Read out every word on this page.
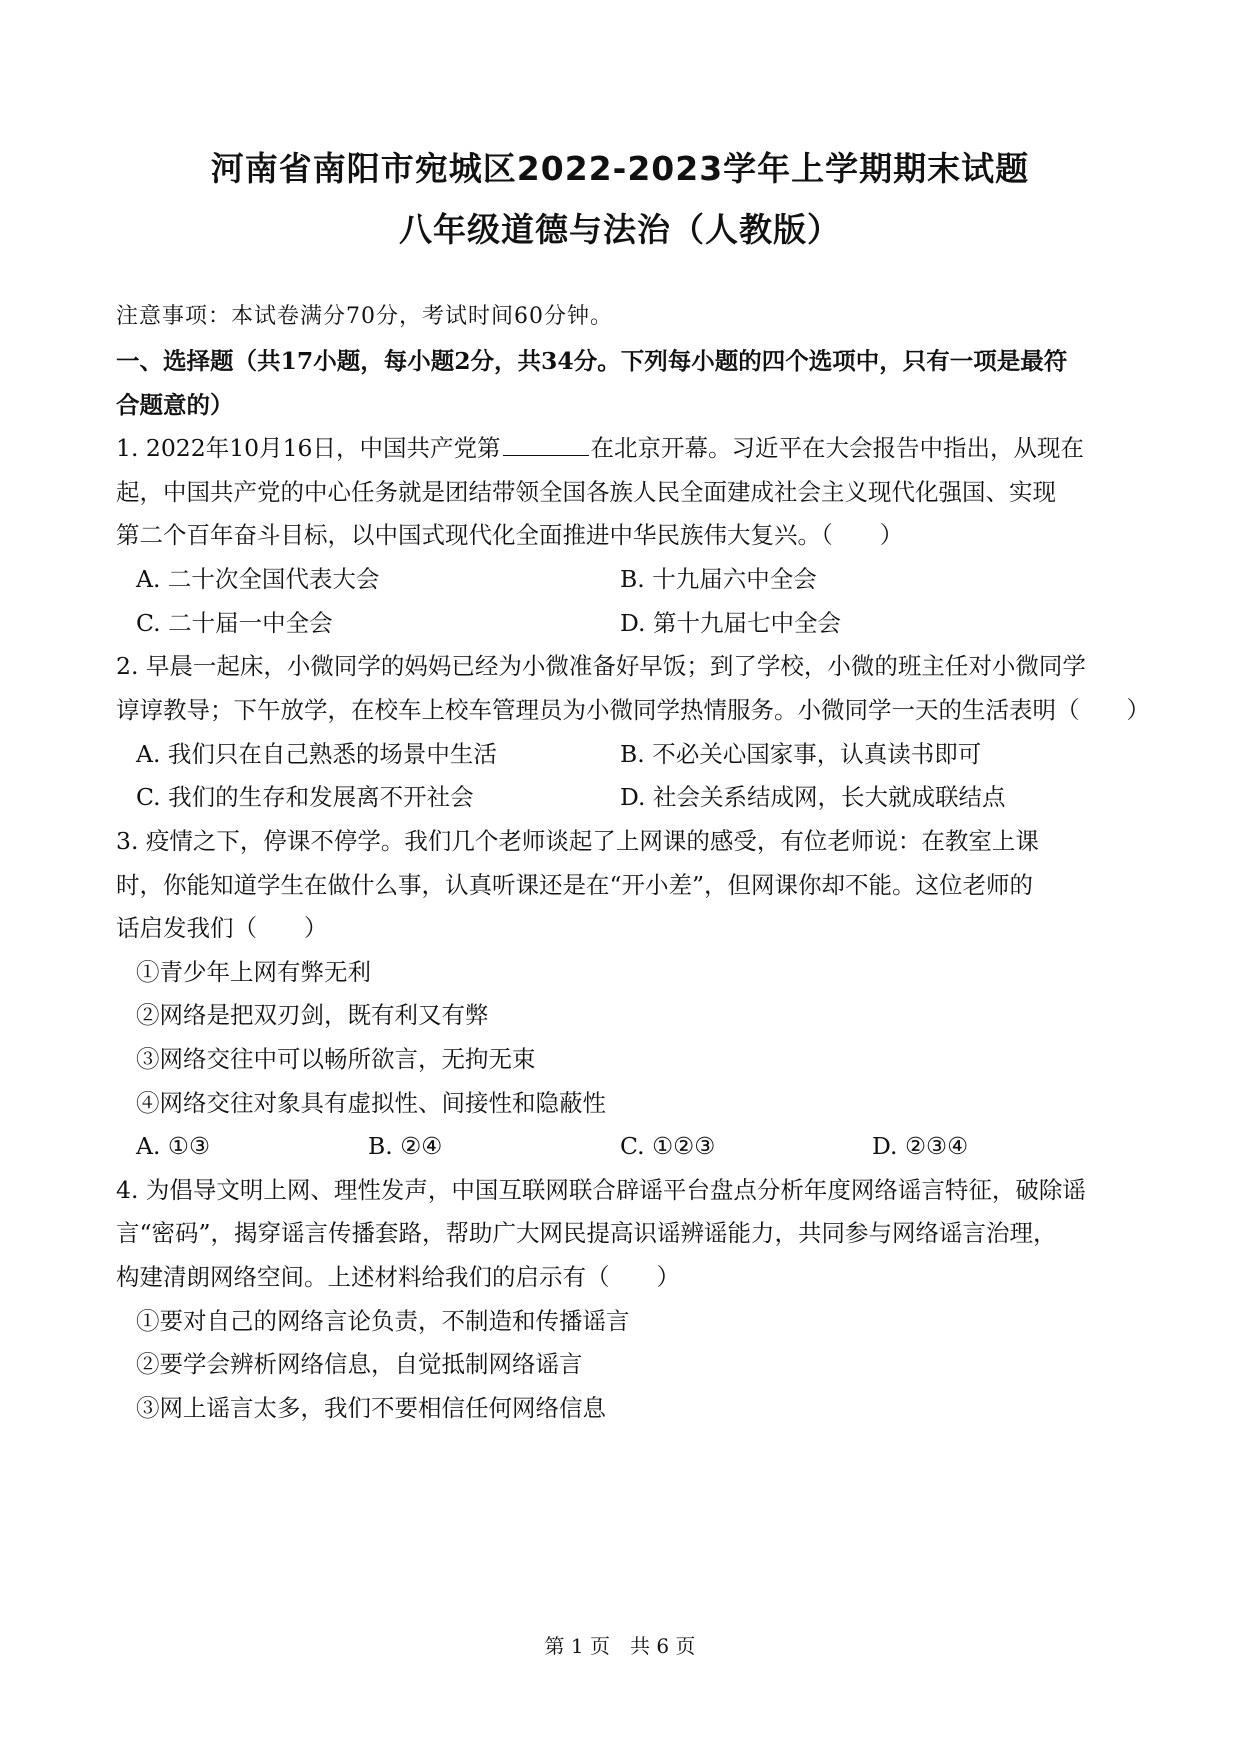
河南省南阳市宛城区2022-2023学年上学期期末试题
八年级道德与法治（人教版）
注意事项：本试卷满分70分，考试时间60分钟。
一、选择题（共17小题，每小题2分，共34分。下列每小题的四个选项中，只有一项是最符
合题意的）
1. 2022年10月16日，中国共产党第	在北京开幕。习近平在大会报告中指出，从现在
起，中国共产党的中心任务就是团结带领全国各族人民全面建成社会主义现代化强国、实现
第二个百年奋斗目标，以中国式现代化全面推进中华民族伟大复兴。（　　）
A. 二十次全国代表大会	B. 十九届六中全会
C. 二十届一中全会	D. 第十九届七中全会
2. 早晨一起床，小微同学的妈妈已经为小微准备好早饭；到了学校，小微的班主任对小微同学
谆谆教导；下午放学，在校车上校车管理员为小微同学热情服务。小微同学一天的生活表明（　　）
A. 我们只在自己熟悉的场景中生活	B. 不必关心国家事，认真读书即可
C. 我们的生存和发展离不开社会	D. 社会关系结成网，长大就成联结点
3. 疫情之下，停课不停学。我们几个老师谈起了上网课的感受，有位老师说：在教室上课
时，你能知道学生在做什么事，认真听课还是在“开小差”，但网课你却不能。这位老师的
话启发我们（　　）
①青少年上网有弊无利
②网络是把双刃剑，既有利又有弊
③网络交往中可以畅所欲言，无拘无束
④网络交往对象具有虚拟性、间接性和隐蔽性
A. ①③	B. ②④	C. ①②③	D. ②③④
4. 为倡导文明上网、理性发声，中国互联网联合辟谣平台盘点分析年度网络谣言特征，破除谣
言“密码”，揭穿谣言传播套路，帮助广大网民提高识谣辨谣能力，共同参与网络谣言治理，
构建清朗网络空间。上述材料给我们的启示有（　　）
①要对自己的网络言论负责，不制造和传播谣言
②要学会辨析网络信息，自觉抵制网络谣言
③网上谣言太多，我们不要相信任何网络信息
第 1 页　共 6 页
